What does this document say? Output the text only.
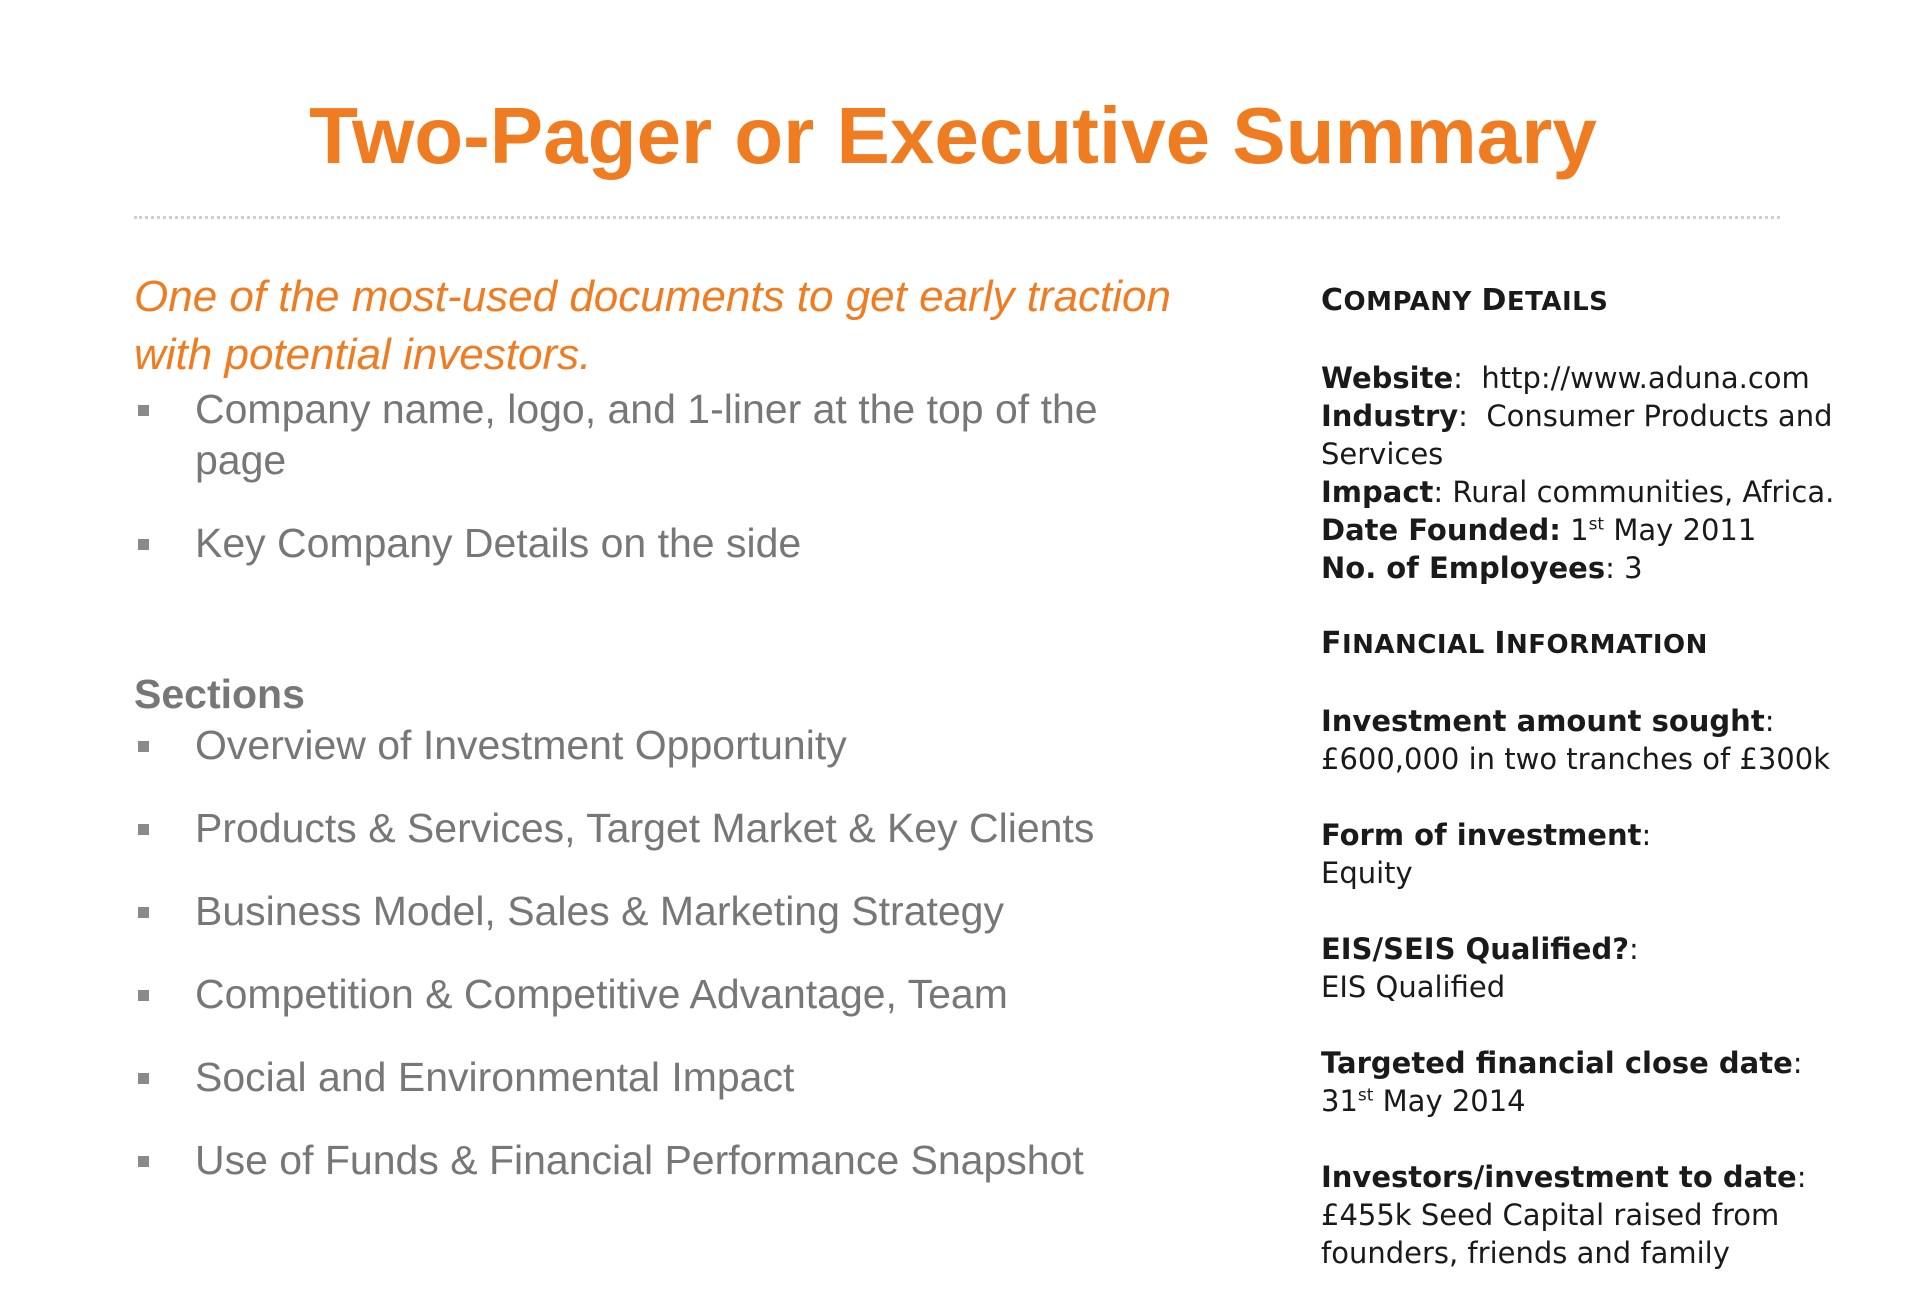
Two-Pager or Executive Summary

One of the most-used documents to get early traction with potential investors.

Company name, logo, and 1-liner at the top of the page
Key Company Details on the side
Sections
Overview of Investment Opportunity
Products & Services, Target Market & Key Clients
Business Model, Sales & Marketing Strategy
Competition & Competitive Advantage, Team
Social and Environmental Impact
Use of Funds & Financial Performance Snapshot
COMPANY DETAILS
Website:  http://www.aduna.com
Industry:  Consumer Products and Services
Impact: Rural communities, Africa.
Date Founded: 1st May 2011
No. of Employees: 3
FINANCIAL INFORMATION
Investment amount sought:
£600,000 in two tranches of £300k
Form of investment:
Equity
EIS/SEIS Qualified?:
EIS Qualified
Targeted financial close date:
31st May 2014
Investors/investment to date:
£455k Seed Capital raised from founders, friends and family
